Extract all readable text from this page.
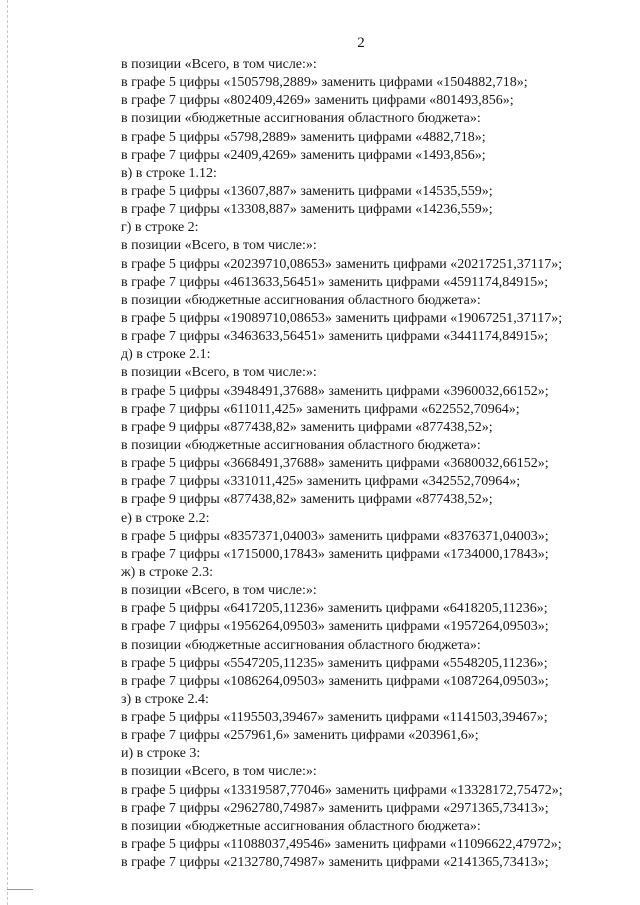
2
в позиции «Всего, в том числе:»:
в графе 5 цифры «1505798,2889» заменить цифрами «1504882,718»;
в графе 7 цифры «802409,4269» заменить цифрами «801493,856»;
в позиции «бюджетные ассигнования областного бюджета»:
в графе 5 цифры «5798,2889» заменить цифрами «4882,718»;
в графе 7 цифры «2409,4269» заменить цифрами «1493,856»;
в) в строке 1.12:
в графе 5 цифры «13607,887» заменить цифрами «14535,559»;
в графе 7 цифры «13308,887» заменить цифрами «14236,559»;
г) в строке 2:
в позиции «Всего, в том числе:»:
в графе 5 цифры «20239710,08653» заменить цифрами «20217251,37117»;
в графе 7 цифры «4613633,56451» заменить цифрами «4591174,84915»;
в позиции «бюджетные ассигнования областного бюджета»:
в графе 5 цифры «19089710,08653» заменить цифрами «19067251,37117»;
в графе 7 цифры «3463633,56451» заменить цифрами «3441174,84915»;
д) в строке 2.1:
в позиции «Всего, в том числе:»:
в графе 5 цифры «3948491,37688» заменить цифрами «3960032,66152»;
в графе 7 цифры «611011,425» заменить цифрами «622552,70964»;
в графе 9 цифры «877438,82» заменить цифрами «877438,52»;
в позиции «бюджетные ассигнования областного бюджета»:
в графе 5 цифры «3668491,37688» заменить цифрами «3680032,66152»;
в графе 7 цифры «331011,425» заменить цифрами «342552,70964»;
в графе 9 цифры «877438,82» заменить цифрами «877438,52»;
е) в строке 2.2:
в графе 5 цифры «8357371,04003» заменить цифрами «8376371,04003»;
в графе 7 цифры «1715000,17843» заменить цифрами «1734000,17843»;
ж) в строке 2.3:
в позиции «Всего, в том числе:»:
в графе 5 цифры «6417205,11236» заменить цифрами «6418205,11236»;
в графе 7 цифры «1956264,09503» заменить цифрами «1957264,09503»;
в позиции «бюджетные ассигнования областного бюджета»:
в графе 5 цифры «5547205,11235» заменить цифрами «5548205,11236»;
в графе 7 цифры «1086264,09503» заменить цифрами «1087264,09503»;
з) в строке 2.4:
в графе 5 цифры «1195503,39467» заменить цифрами «1141503,39467»;
в графе 7 цифры «257961,6» заменить цифрами «203961,6»;
и) в строке 3:
в позиции «Всего, в том числе:»:
в графе 5 цифры «13319587,77046» заменить цифрами «13328172,75472»;
в графе 7 цифры «2962780,74987» заменить цифрами «2971365,73413»;
в позиции «бюджетные ассигнования областного бюджета»:
в графе 5 цифры «11088037,49546» заменить цифрами «11096622,47972»;
в графе 7 цифры «2132780,74987» заменить цифрами «2141365,73413»;
